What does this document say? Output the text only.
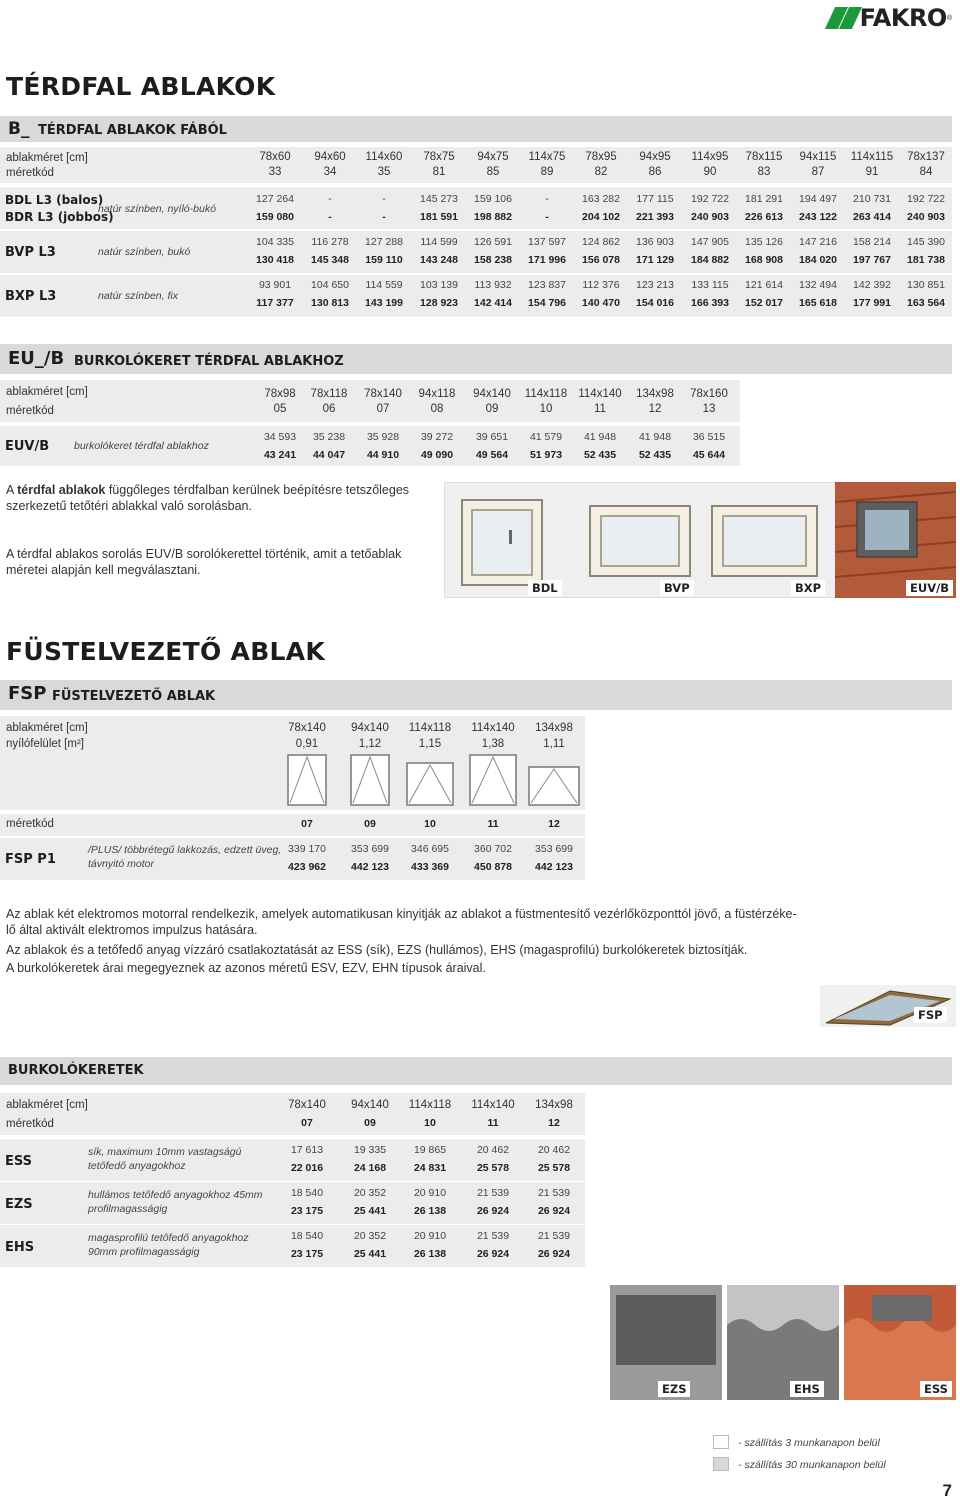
FAKRO ®
TÉRDFAL ABLAKOK
B_ TÉRDFAL ABLAKOK FÁBÓL
ablakméret [cm]
méretkód
78x60	94x60	114x60	78x75	94x75	114x75	78x95	94x95	114x95	78x115	94x115	114x115	78x137
33	34	35	81	85	89	82	86	90	83	87	91	84
BDL L3 (balos)
BDR L3 (jobbos)
natúr színben, nyíló-bukó
BVP L3	natúr színben, bukó
BXP L3	natúr színben, fix
127 264	-	-	145 273	159 106	-	163 282	177 115	192 722	181 291	194 497	210 731	192 722
159 080	-	-	181 591	198 882	-	204 102	221 393	240 903	226 613	243 122	263 414	240 903
104 335	116 278	127 288	114 599	126 591	137 597	124 862	136 903	147 905	135 126	147 216	158 214	145 390
130 418	145 348	159 110	143 248	158 238	171 996	156 078	171 129	184 882	168 908	184 020	197 767	181 738
93 901	104 650	114 559	103 139	113 932	123 837	112 376	123 213	133 115	121 614	132 494	142 392	130 851
117 377	130 813	143 199	128 923	142 414	154 796	140 470	154 016	166 393	152 017	165 618	177 991	163 564
EU_/B BURKOLÓKERET TÉRDFAL ABLAKHOZ
ablakméret [cm]
méretkód
78x98	78x118	78x140	94x118	94x140	114x118 114x140	134x98	78x160
05	06	07	08	09	10	11	12	13
EUV/B burkolókeret térdfal ablakhoz
34 593	35 238	35 928	39 272	39 651	41 579	41 948	41 948	36 515
43 241	44 047	44 910	49 090	49 564	51 973	52 435	52 435	45 644
A térdfal ablakok függőleges térdfalban kerülnek beépítésre tetszőleges szerkezetű tetőtéri ablakkal való sorolásban.
A térdfal ablakos sorolás EUV/B sorolókerettel történik, amit a tetőablak méretei alapján kell megválasztani.
BDL	BVP	BXP	EUV/B
FÜSTELVEZETŐ ABLAK
FSP FÜSTELVEZETŐ ABLAK
ablakméret [cm]
nyílófelület [m²]
78x140	94x140	114x118	114x140	134x98
0,91	1,12	1,15	1,38	1,11
méretkód	07	09	10	11	12
FSP P1
/PLUS/ többrétegű lakkozás, edzett üveg,
távnyitó motor
339 170	353 699	346 695	360 702	353 699
423 962	442 123	433 369	450 878	442 123
Az ablak két elektromos motorral rendelkezik, amelyek automatikusan kinyitják az ablakot a füstmentesítő vezérlőközponttól jövő, a füstérzéke-
lő által aktivált elektromos impulzus hatására.
Az ablakok és a tetőfedő anyag vízzáró csatlakoztatását az ESS (sík), EZS (hullámos), EHS (magasprofilú) burkolókeretek biztosítják.
A burkolókeretek árai megegyeznek az azonos méretű ESV, EZV, EHN típusok áraival.
FSP
BURKOLÓKERETEK
ablakméret [cm]
méretkód
78x140	94x140	114x118	114x140	134x98
07	09	10	11	12
ESS
sík, maximum 10mm vastagságú
tetőfedő anyagokhoz
17 613	19 335	19 865	20 462	20 462
22 016	24 168	24 831	25 578	25 578
EZS
hullámos tetőfedő anyagokhoz 45mm
profilmagasságig
18 540	20 352	20 910	21 539	21 539
23 175	25 441	26 138	26 924	26 924
EHS
magasprofilú tetőfedő anyagokhoz
90mm profilmagasságig
18 540	20 352	20 910	21 539	21 539
23 175	25 441	26 138	26 924	26 924
EZS	EHS	ESS
- szállítás 3 munkanapon belül
- szállítás 30 munkanapon belül
7
